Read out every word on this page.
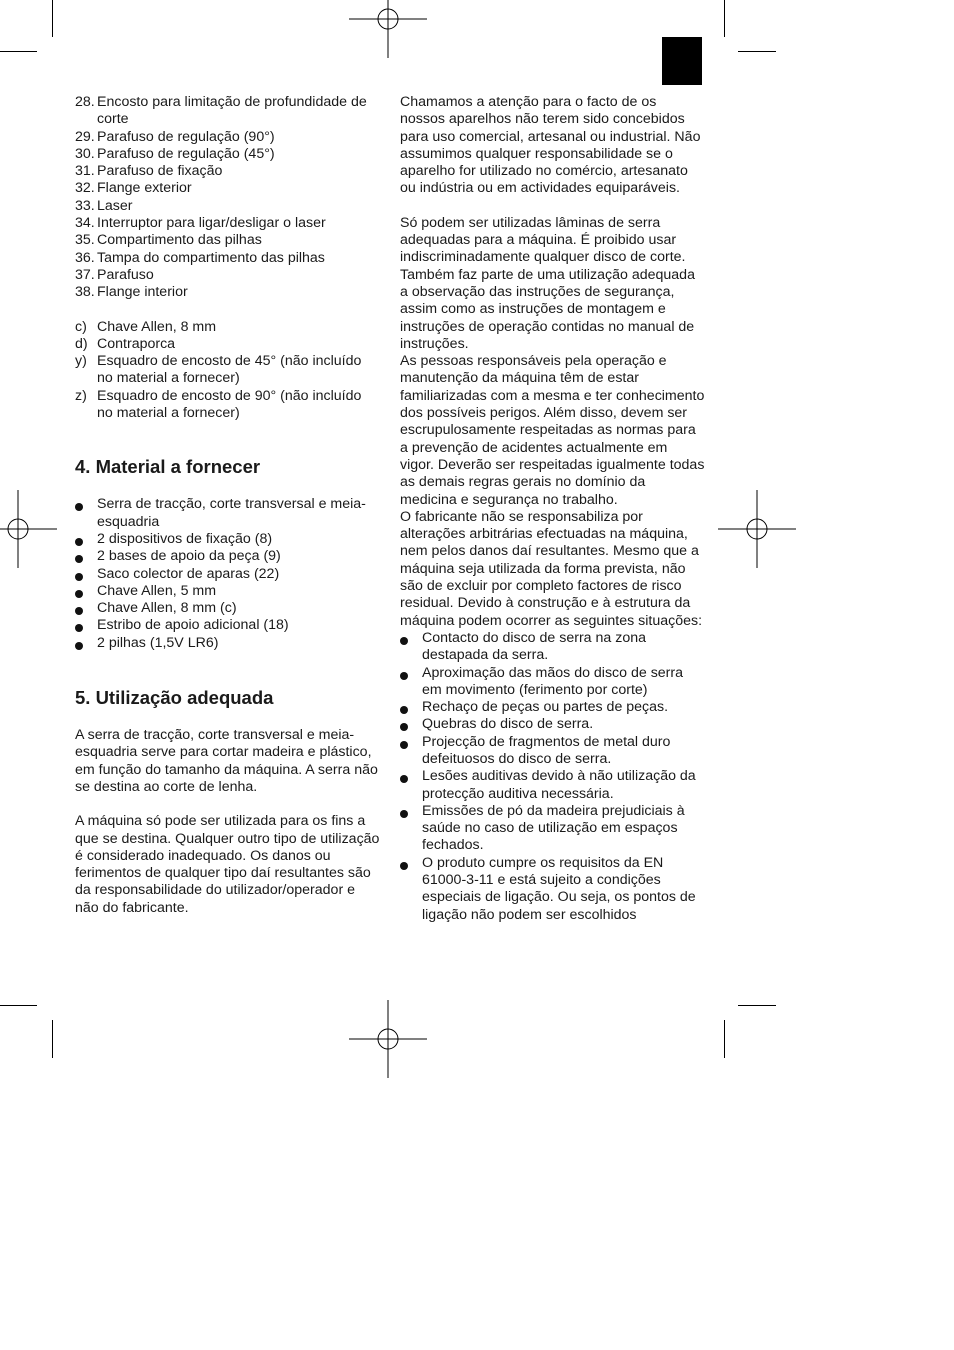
28. Encosto para limitação de profundidade de corte
29. Parafuso de regulação (90°)
30. Parafuso de regulação (45°)
31. Parafuso de fixação
32. Flange exterior
33. Laser
34. Interruptor para ligar/desligar o laser
35. Compartimento das pilhas
36. Tampa do compartimento das pilhas
37. Parafuso
38. Flange interior
c) Chave Allen, 8 mm
d) Contraporca
y) Esquadro de encosto de 45° (não incluído no material a fornecer)
z) Esquadro de encosto de 90° (não incluído no material a fornecer)
4. Material a fornecer
Serra de tracção, corte transversal e meia-esquadria
2 dispositivos de fixação (8)
2 bases de apoio da peça (9)
Saco colector de aparas (22)
Chave Allen, 5 mm
Chave Allen, 8 mm (c)
Estribo de apoio adicional (18)
2 pilhas (1,5V LR6)
5. Utilização adequada

A serra de tracção, corte transversal e meia-esquadria serve para cortar madeira e plástico, em função do tamanho da máquina. A serra não se destina ao corte de lenha.

A máquina só pode ser utilizada para os fins a que se destina. Qualquer outro tipo de utilização é considerado inadequado. Os danos ou ferimentos de qualquer tipo daí resultantes são da responsabilidade do utilizador/operador e não do fabricante.

Chamamos a atenção para o facto de os nossos aparelhos não terem sido concebidos para uso comercial, artesanal ou industrial. Não assumimos qualquer responsabilidade se o aparelho for utilizado no comércio, artesanato ou indústria ou em actividades equiparáveis.

Só podem ser utilizadas lâminas de serra adequadas para a máquina. É proibido usar indiscriminadamente qualquer disco de corte. Também faz parte de uma utilização adequada a observação das instruções de segurança, assim como as instruções de montagem e instruções de operação contidas no manual de instruções.

As pessoas responsáveis pela operação e manutenção da máquina têm de estar familiarizadas com a mesma e ter conhecimento dos possíveis perigos. Além disso, devem ser escrupulosamente respeitadas as normas para a prevenção de acidentes actualmente em vigor. Deverão ser respeitadas igualmente todas as demais regras gerais no domínio da medicina e segurança no trabalho.

O fabricante não se responsabiliza por alterações arbitrárias efectuadas na máquina, nem pelos danos daí resultantes. Mesmo que a máquina seja utilizada da forma prevista, não são de excluir por completo factores de risco residual. Devido à construção e à estrutura da máquina podem ocorrer as seguintes situações:

Contacto do disco de serra na zona destapada da serra.
Aproximação das mãos do disco de serra em movimento (ferimento por corte)
Rechaço de peças ou partes de peças.
Quebras do disco de serra.
Projecção de fragmentos de metal duro defeituosos do disco de serra.
Lesões auditivas devido à não utilização da protecção auditiva necessária.
Emissões de pó da madeira prejudiciais à saúde no caso de utilização em espaços fechados.
O produto cumpre os requisitos da EN 61000-3-11 e está sujeito a condições especiais de ligação. Ou seja, os pontos de ligação não podem ser escolhidos
